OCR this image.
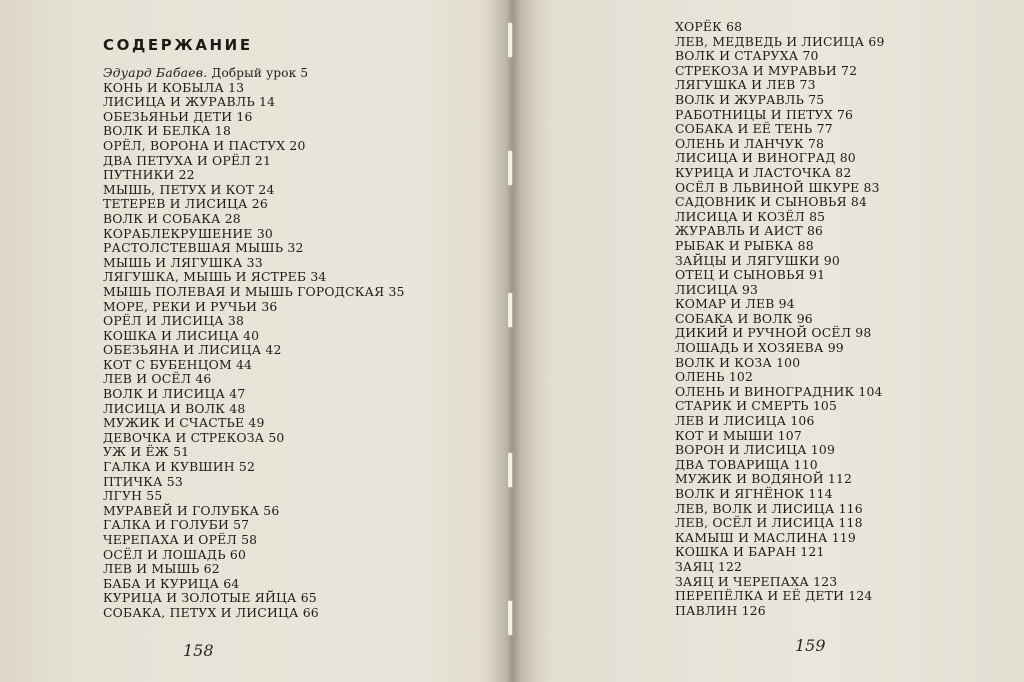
СОДЕРЖАНИЕ
Эдуард Бабаев. Добрый урок 5
КОНЬ И КОБЫЛА 13
ЛИСИЦА И ЖУРАВЛЬ 14
ОБЕЗЬЯНЬИ ДЕТИ 16
ВОЛК И БЕЛКА 18
ОРЁЛ, ВОРОНА И ПАСТУХ 20
ДВА ПЕТУХА И ОРЁЛ 21
ПУТНИКИ 22
МЫШЬ, ПЕТУХ И КОТ 24
ТЕТЕРЕВ И ЛИСИЦА 26
ВОЛК И СОБАКА 28
КОРАБЛЕКРУШЕНИЕ 30
РАСТОЛСТЕВШАЯ МЫШЬ 32
МЫШЬ И ЛЯГУШКА 33
ЛЯГУШКА, МЫШЬ И ЯСТРЕБ 34
МЫШЬ ПОЛЕВАЯ И МЫШЬ ГОРОДСКАЯ 35
МОРЕ, РЕКИ И РУЧЬИ 36
ОРЁЛ И ЛИСИЦА 38
КОШКА И ЛИСИЦА 40
ОБЕЗЬЯНА И ЛИСИЦА 42
КОТ С БУБЕНЦОМ 44
ЛЕВ И ОСЁЛ 46
ВОЛК И ЛИСИЦА 47
ЛИСИЦА И ВОЛК 48
МУЖИК И СЧАСТЬЕ 49
ДЕВОЧКА И СТРЕКОЗА 50
УЖ И ЁЖ 51
ГАЛКА И КУВШИН 52
ПТИЧКА 53
ЛГУН 55
МУРАВЕЙ И ГОЛУБКА 56
ГАЛКА И ГОЛУБИ 57
ЧЕРЕПАХА И ОРЁЛ 58
ОСЁЛ И ЛОШАДЬ 60
ЛЕВ И МЫШЬ 62
БАБА И КУРИЦА 64
КУРИЦА И ЗОЛОТЫЕ ЯЙЦА 65
СОБАКА, ПЕТУХ И ЛИСИЦА 66
158
ХОРЁК 68
ЛЕВ, МЕДВЕДЬ И ЛИСИЦА 69
ВОЛК И СТАРУХА 70
СТРЕКОЗА И МУРАВЬИ 72
ЛЯГУШКА И ЛЕВ 73
ВОЛК И ЖУРАВЛЬ 75
РАБОТНИЦЫ И ПЕТУХ 76
СОБАКА И ЕЁ ТЕНЬ 77
ОЛЕНЬ И ЛАНЧУК 78
ЛИСИЦА И ВИНОГРАД 80
КУРИЦА И ЛАСТОЧКА 82
ОСЁЛ В ЛЬВИНОЙ ШКУРЕ 83
САДОВНИК И СЫНОВЬЯ 84
ЛИСИЦА И КОЗЁЛ 85
ЖУРАВЛЬ И АИСТ 86
РЫБАК И РЫБКА 88
ЗАЙЦЫ И ЛЯГУШКИ 90
ОТЕЦ И СЫНОВЬЯ 91
ЛИСИЦА 93
КОМАР И ЛЕВ 94
СОБАКА И ВОЛК 96
ДИКИЙ И РУЧНОЙ ОСЁЛ 98
ЛОШАДЬ И ХОЗЯЕВА 99
ВОЛК И КОЗА 100
ОЛЕНЬ 102
ОЛЕНЬ И ВИНОГРАДНИК 104
СТАРИК И СМЕРТЬ 105
ЛЕВ И ЛИСИЦА 106
КОТ И МЫШИ 107
ВОРОН И ЛИСИЦА 109
ДВА ТОВАРИЩА 110
МУЖИК И ВОДЯНОЙ 112
ВОЛК И ЯГНЁНОК 114
ЛЕВ, ВОЛК И ЛИСИЦА 116
ЛЕВ, ОСЁЛ И ЛИСИЦА 118
КАМЫШ И МАСЛИНА 119
КОШКА И БАРАН 121
ЗАЯЦ 122
ЗАЯЦ И ЧЕРЕПАХА 123
ПЕРЕПЁЛКА И ЕЁ ДЕТИ 124
ПАВЛИН 126
159
